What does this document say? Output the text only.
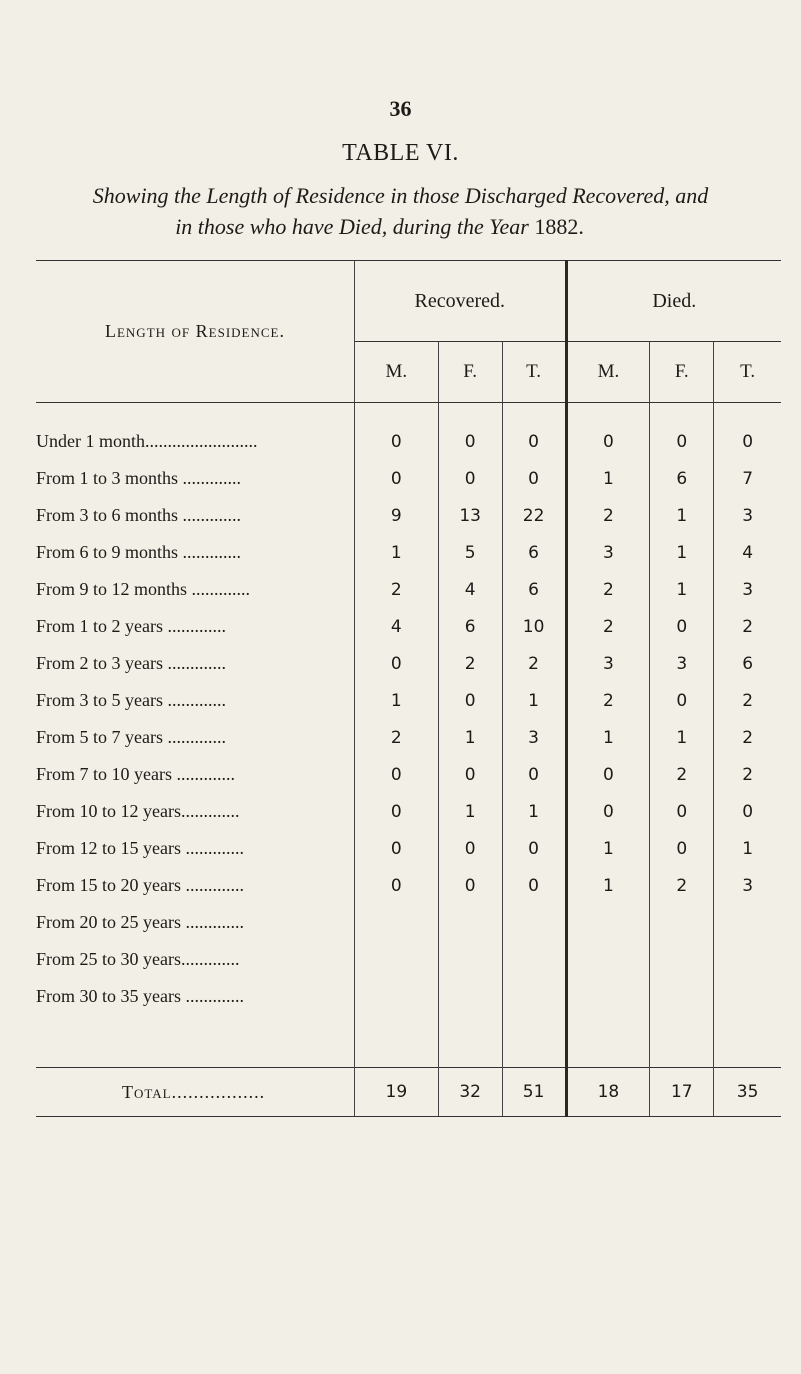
36
TABLE VI.
Showing the Length of Residence in those Discharged Recovered, and
in those who have Died, during the Year 1882.
Length of Residence.	Recovered.			Died.		
	M.	F.	T.	M.	F.	T.
Under 1 month.........................	0	0	0	0	0	0
From 1 to 3 months .............	0	0	0	1	6	7
From 3 to 6 months .............	9	13	22	2	1	3
From 6 to 9 months .............	1	5	6	3	1	4
From 9 to 12 months .............	2	4	6	2	1	3
From 1 to 2 years .............	4	6	10	2	0	2
From 2 to 3 years .............	0	2	2	3	3	6
From 3 to 5 years .............	1	0	1	2	0	2
From 5 to 7 years .............	2	1	3	1	1	2
From 7 to 10 years .............	0	0	0	0	2	2
From 10 to 12 years.............	0	1	1	0	0	0
From 12 to 15 years .............	0	0	0	1	0	1
From 15 to 20 years .............	0	0	0	1	2	3
From 20 to 25 years .............						
From 25 to 30 years.............						
From 30 to 35 years .............						

Total.................	19	32	51	18	17	35
